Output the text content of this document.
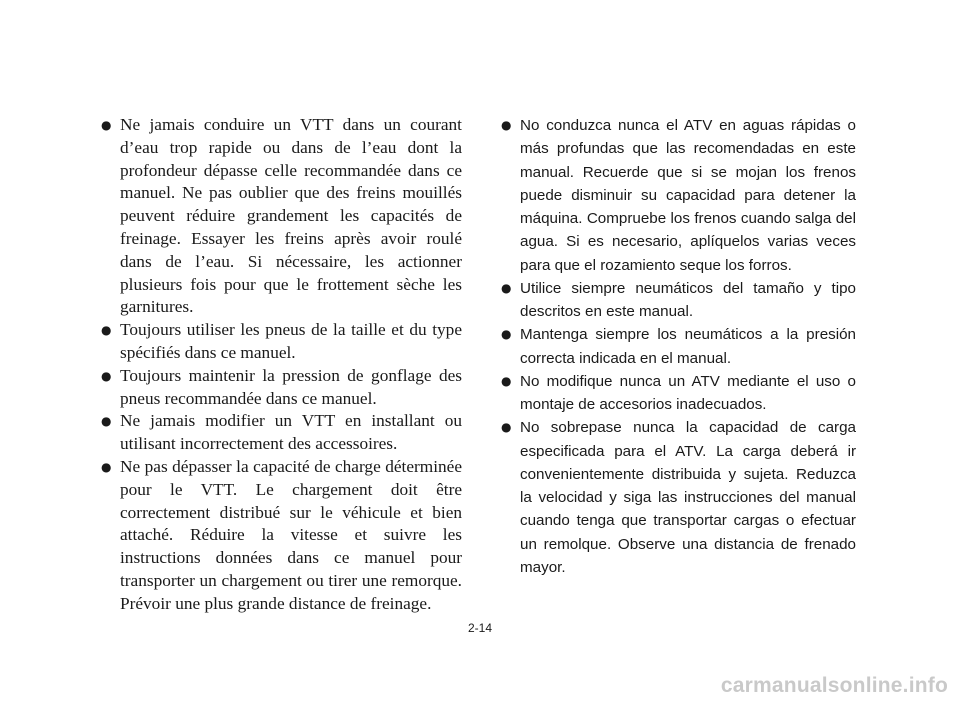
● Ne jamais conduire un VTT dans un courant d’eau trop rapide ou dans de l’eau dont la profondeur dépasse celle recommandée dans ce manuel. Ne pas oublier que des freins mouillés peuvent réduire grandement les capacités de freinage. Essayer les freins après avoir roulé dans de l’eau. Si nécessaire, les actionner plusieurs fois pour que le frottement sèche les garnitures.
● Toujours utiliser les pneus de la taille et du type spécifiés dans ce manuel.
● Toujours maintenir la pression de gonflage des pneus recommandée dans ce manuel.
● Ne jamais modifier un VTT en installant ou utilisant incorrectement des accessoires.
● Ne pas dépasser la capacité de charge déterminée pour le VTT. Le chargement doit être correctement distribué sur le véhicule et bien attaché. Réduire la vitesse et suivre les instructions données dans ce manuel pour transporter un chargement ou tirer une remorque. Prévoir une plus grande distance de freinage.
● No conduzca nunca el ATV en aguas rápidas o más profundas que las recomendadas en este manual. Recuerde que si se mojan los frenos puede disminuir su capacidad para detener la máquina. Compruebe los frenos cuando salga del agua. Si es necesario, aplíquelos varias veces para que el rozamiento seque los forros.
● Utilice siempre neumáticos del tamaño y tipo descritos en este manual.
● Mantenga siempre los neumáticos a la presión correcta indicada en el manual.
● No modifique nunca un ATV mediante el uso o montaje de accesorios inadecuados.
● No sobrepase nunca la capacidad de carga especificada para el ATV. La carga deberá ir convenientemente distribuida y sujeta. Reduzca la velocidad y siga las instrucciones del manual cuando tenga que transportar cargas o efectuar un remolque. Observe una distancia de frenado mayor.
2-14
carmanualsonline.info
